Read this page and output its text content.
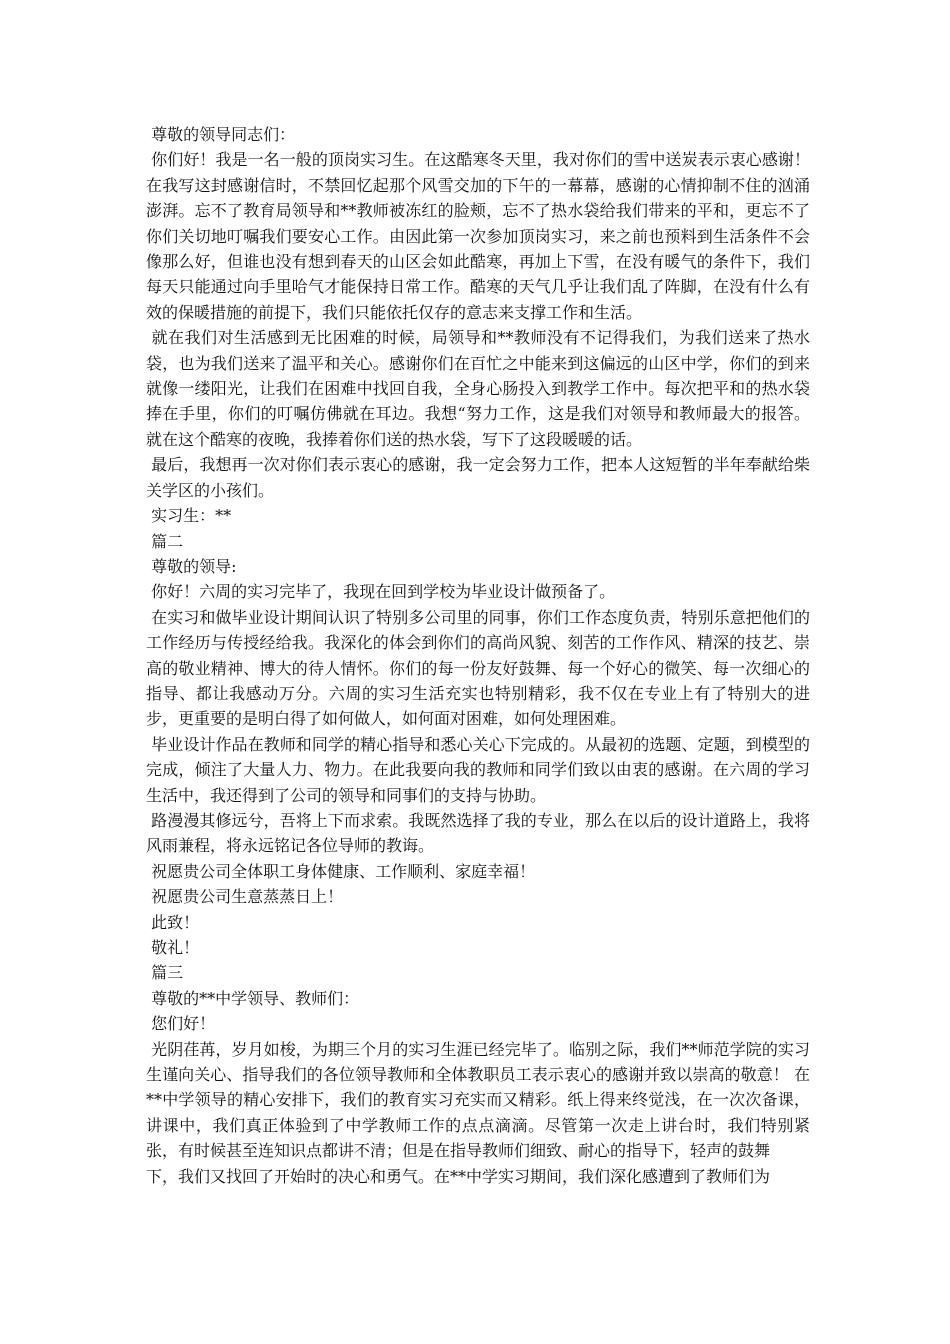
尊敬的领导同志们：

你们好！我是一名一般的顶岗实习生。在这酷寒冬天里，我对你们的雪中送炭表示衷心感谢！ 在我写这封感谢信时，不禁回忆起那个风雪交加的下午的一幕幕，感谢的心情抑制不住的汹涌澎湃。忘不了教育局领导和**教师被冻红的脸颊，忘不了热水袋给我们带来的平和，更忘不了你们关切地叮嘱我们要安心工作。由因此第一次参加顶岗实习，来之前也预料到生活条件不会像那么好，但谁也没有想到春天的山区会如此酷寒，再加上下雪，在没有暖气的条件下，我们每天只能通过向手里哈气才能保持日常工作。酷寒的天气几乎让我们乱了阵脚，在没有什么有效的保暖措施的前提下，我们只能依托仅存的意志来支撑工作和生活。

就在我们对生活感到无比困难的时候，局领导和**教师没有不记得我们，为我们送来了热水袋，也为我们送来了温平和关心。感谢你们在百忙之中能来到这偏远的山区中学，你们的到来就像一缕阳光，让我们在困难中找回自我，全身心肠投入到教学工作中。每次把平和的热水袋捧在手里，你们的叮嘱仿佛就在耳边。我想“努力工作，这是我们对领导和教师最大的报答。就在这个酷寒的夜晚，我捧着你们送的热水袋，写下了这段暖暖的话。

最后，我想再一次对你们表示衷心的感谢，我一定会努力工作，把本人这短暂的半年奉献给柴关学区的小孩们。

实习生：**

篇二

尊敬的领导:

你好！六周的实习完毕了，我现在回到学校为毕业设计做预备了。

在实习和做毕业设计期间认识了特别多公司里的同事，你们工作态度负责，特别乐意把他们的工作经历与传授经给我。我深化的体会到你们的高尚风貌、刻苦的工作作风、精深的技艺、崇高的敬业精神、博大的待人情怀。你们的每一份友好鼓舞、每一个好心的微笑、每一次细心的指导、都让我感动万分。六周的实习生活充实也特别精彩，我不仅在专业上有了特别大的进步，更重要的是明白得了如何做人，如何面对困难，如何处理困难。

毕业设计作品在教师和同学的精心指导和悉心关心下完成的。从最初的选题、定题，到模型的完成，倾注了大量人力、物力。在此我要向我的教师和同学们致以由衷的感谢。在六周的学习生活中，我还得到了公司的领导和同事们的支持与协助。

路漫漫其修远兮，吾将上下而求索。我既然选择了我的专业，那么在以后的设计道路上，我将风雨兼程，将永远铭记各位导师的教诲。

祝愿贵公司全体职工身体健康、工作顺利、家庭幸福！

祝愿贵公司生意蒸蒸日上！

此致！

敬礼！

篇三

尊敬的**中学领导、教师们：

您们好！

光阴荏苒，岁月如梭，为期三个月的实习生涯已经完毕了。临别之际，我们**师范学院的实习生谨向关心、指导我们的各位领导教师和全体教职员工表示衷心的感谢并致以崇高的敬意！ 在**中学领导的精心安排下，我们的教育实习充实而又精彩。纸上得来终觉浅，在一次次备课，讲课中，我们真正体验到了中学教师工作的点点滴滴。尽管第一次走上讲台时，我们特别紧张，有时候甚至连知识点都讲不清；但是在指导教师们细致、耐心的指导下，轻声的鼓舞

下，我们又找回了开始时的决心和勇气。在**中学实习期间，我们深化感遭到了教师们为
